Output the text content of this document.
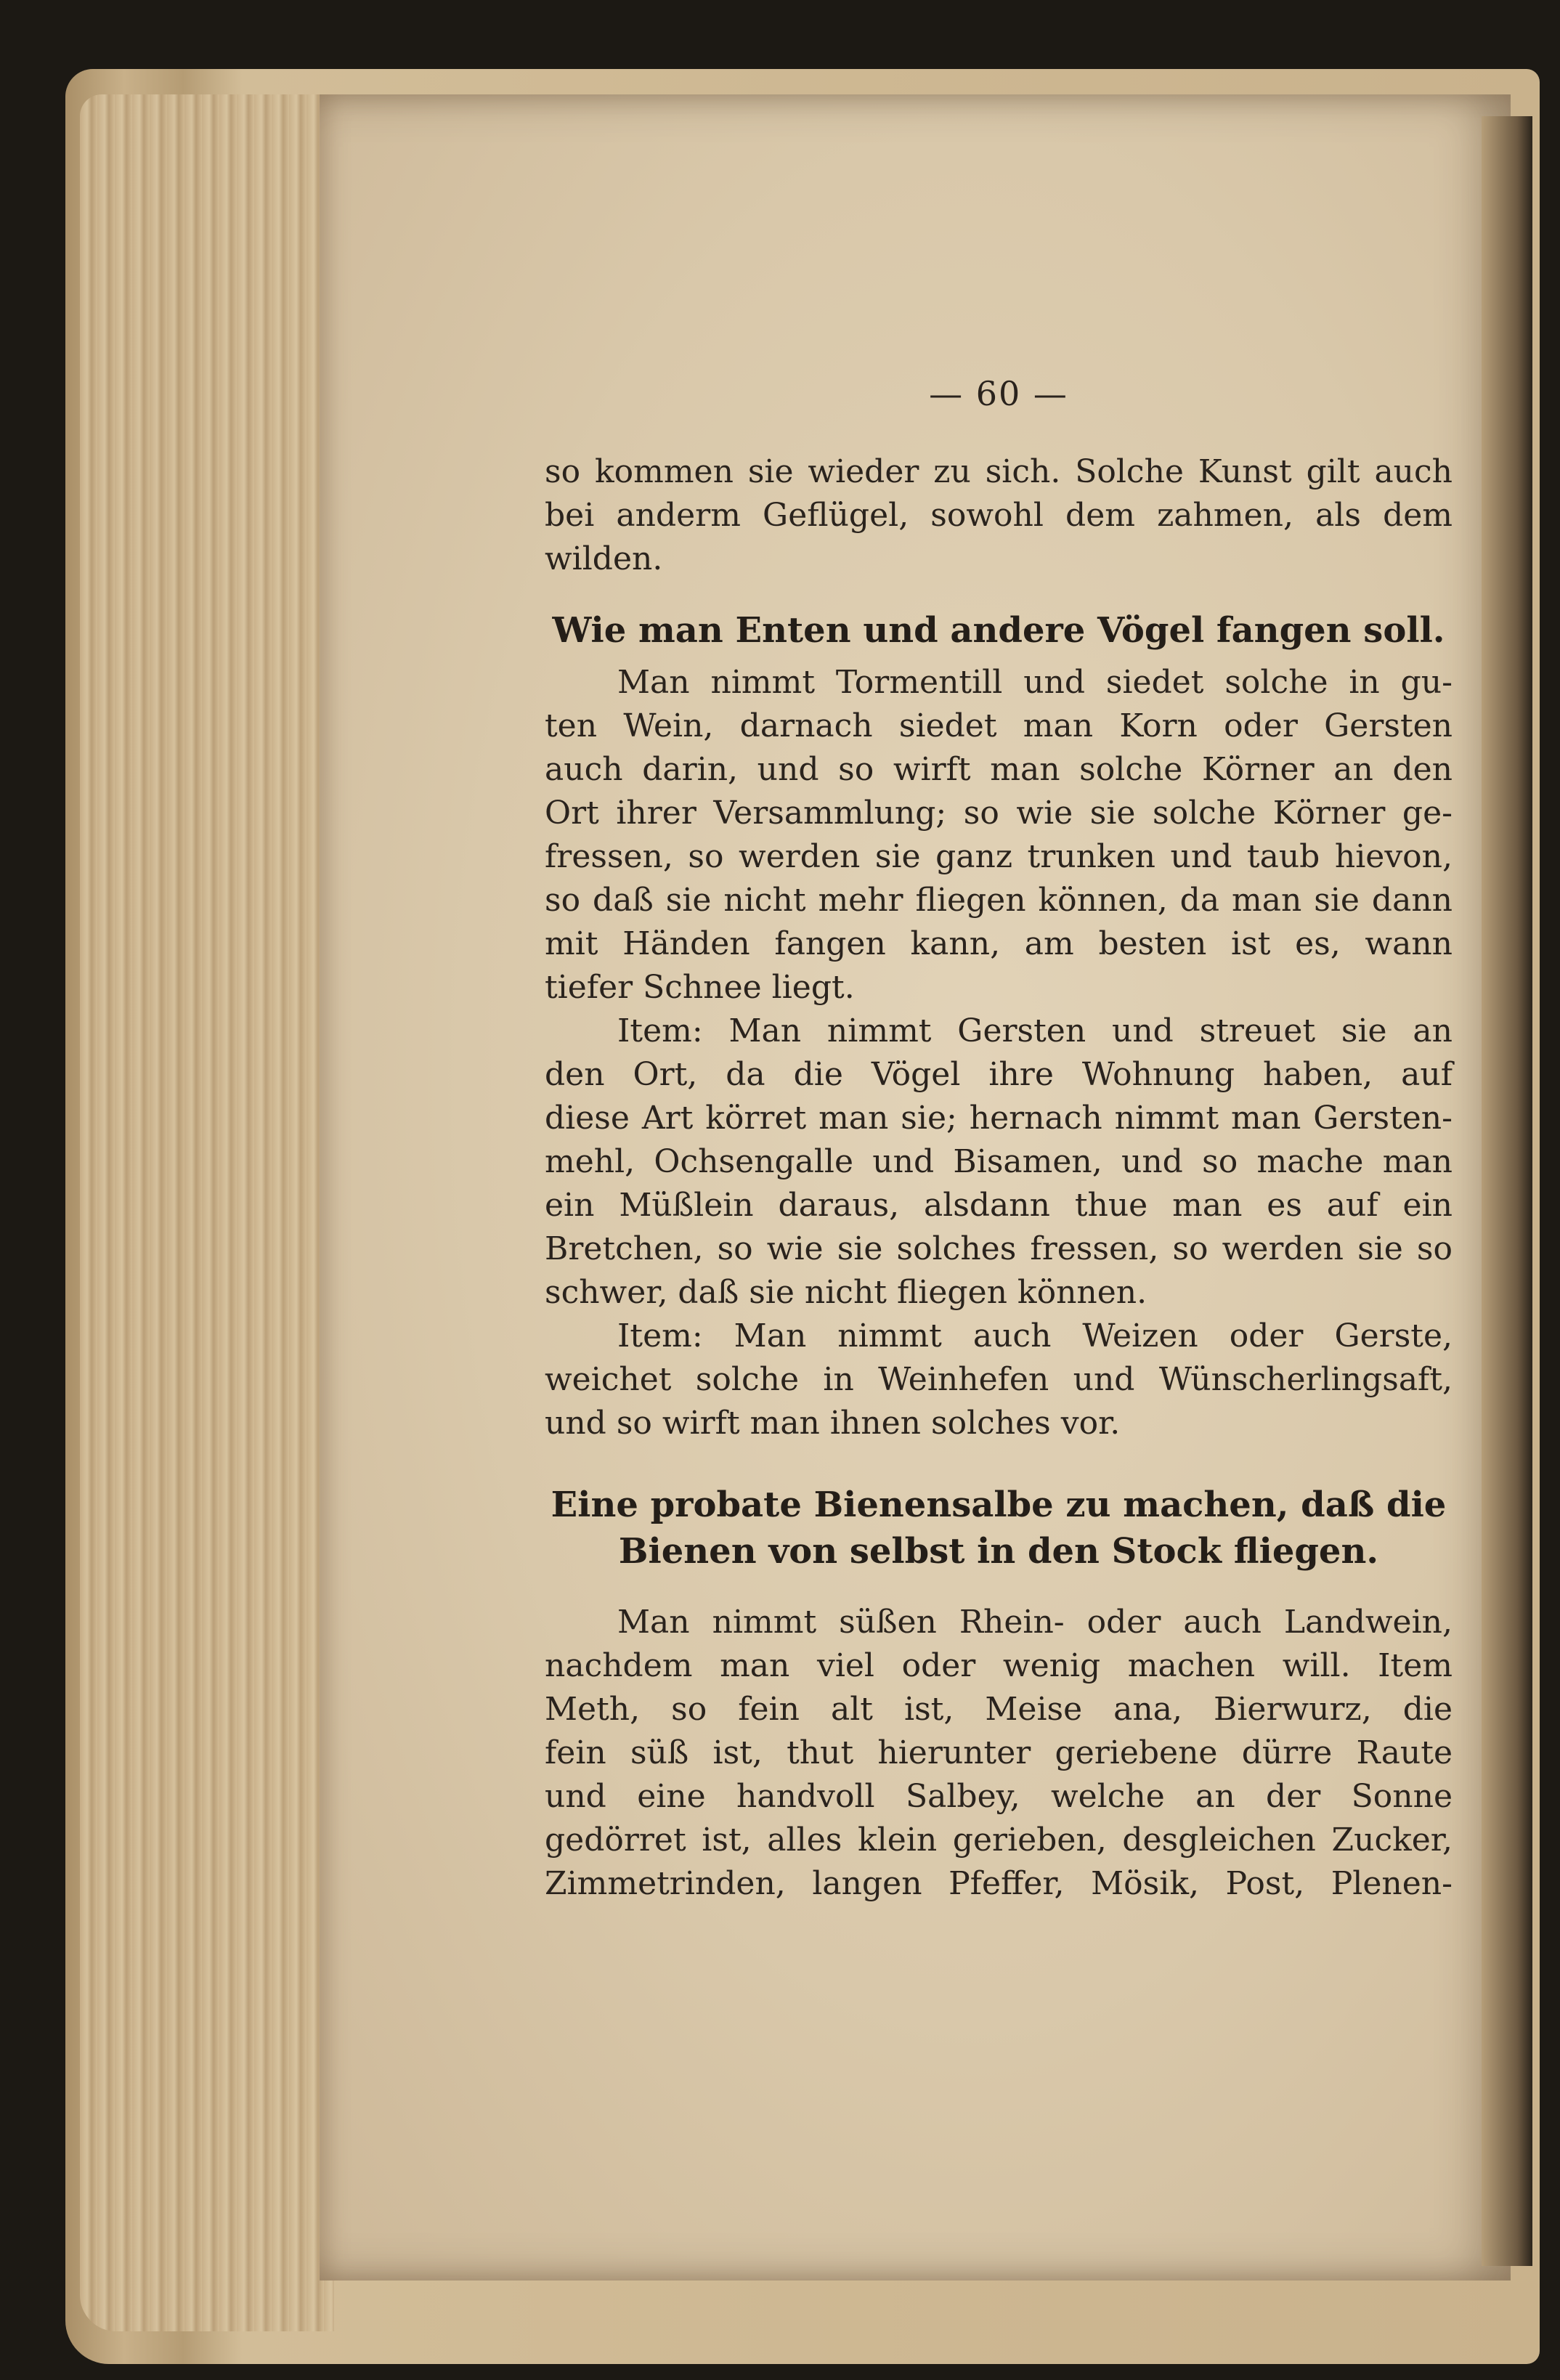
— 60 —
so kommen sie wieder zu sich. Solche Kunst gilt auch
bei anderm Geflügel, sowohl dem zahmen, als dem
wilden.
Wie man Enten und andere Vögel fangen soll.
Man nimmt Tormentill und siedet solche in gu-
ten Wein, darnach siedet man Korn oder Gersten
auch darin, und so wirft man solche Körner an den
Ort ihrer Versammlung; so wie sie solche Körner ge-
fressen, so werden sie ganz trunken und taub hievon,
so daß sie nicht mehr fliegen können, da man sie dann
mit Händen fangen kann, am besten ist es, wann
tiefer Schnee liegt.
Item: Man nimmt Gersten und streuet sie an
den Ort, da die Vögel ihre Wohnung haben, auf
diese Art körret man sie; hernach nimmt man Gersten-
mehl, Ochsengalle und Bisamen, und so mache man
ein Müßlein daraus, alsdann thue man es auf ein
Bretchen, so wie sie solches fressen, so werden sie so
schwer, daß sie nicht fliegen können.
Item: Man nimmt auch Weizen oder Gerste,
weichet solche in Weinhefen und Wünscherlingsaft,
und so wirft man ihnen solches vor.
Eine probate Bienensalbe zu machen, daß die
Bienen von selbst in den Stock fliegen.
Man nimmt süßen Rhein- oder auch Landwein,
nachdem man viel oder wenig machen will. Item
Meth, so fein alt ist, Meise ana, Bierwurz, die
fein süß ist, thut hierunter geriebene dürre Raute
und eine handvoll Salbey, welche an der Sonne
gedörret ist, alles klein gerieben, desgleichen Zucker,
Zimmetrinden, langen Pfeffer, Mösik, Post, Plenen-
